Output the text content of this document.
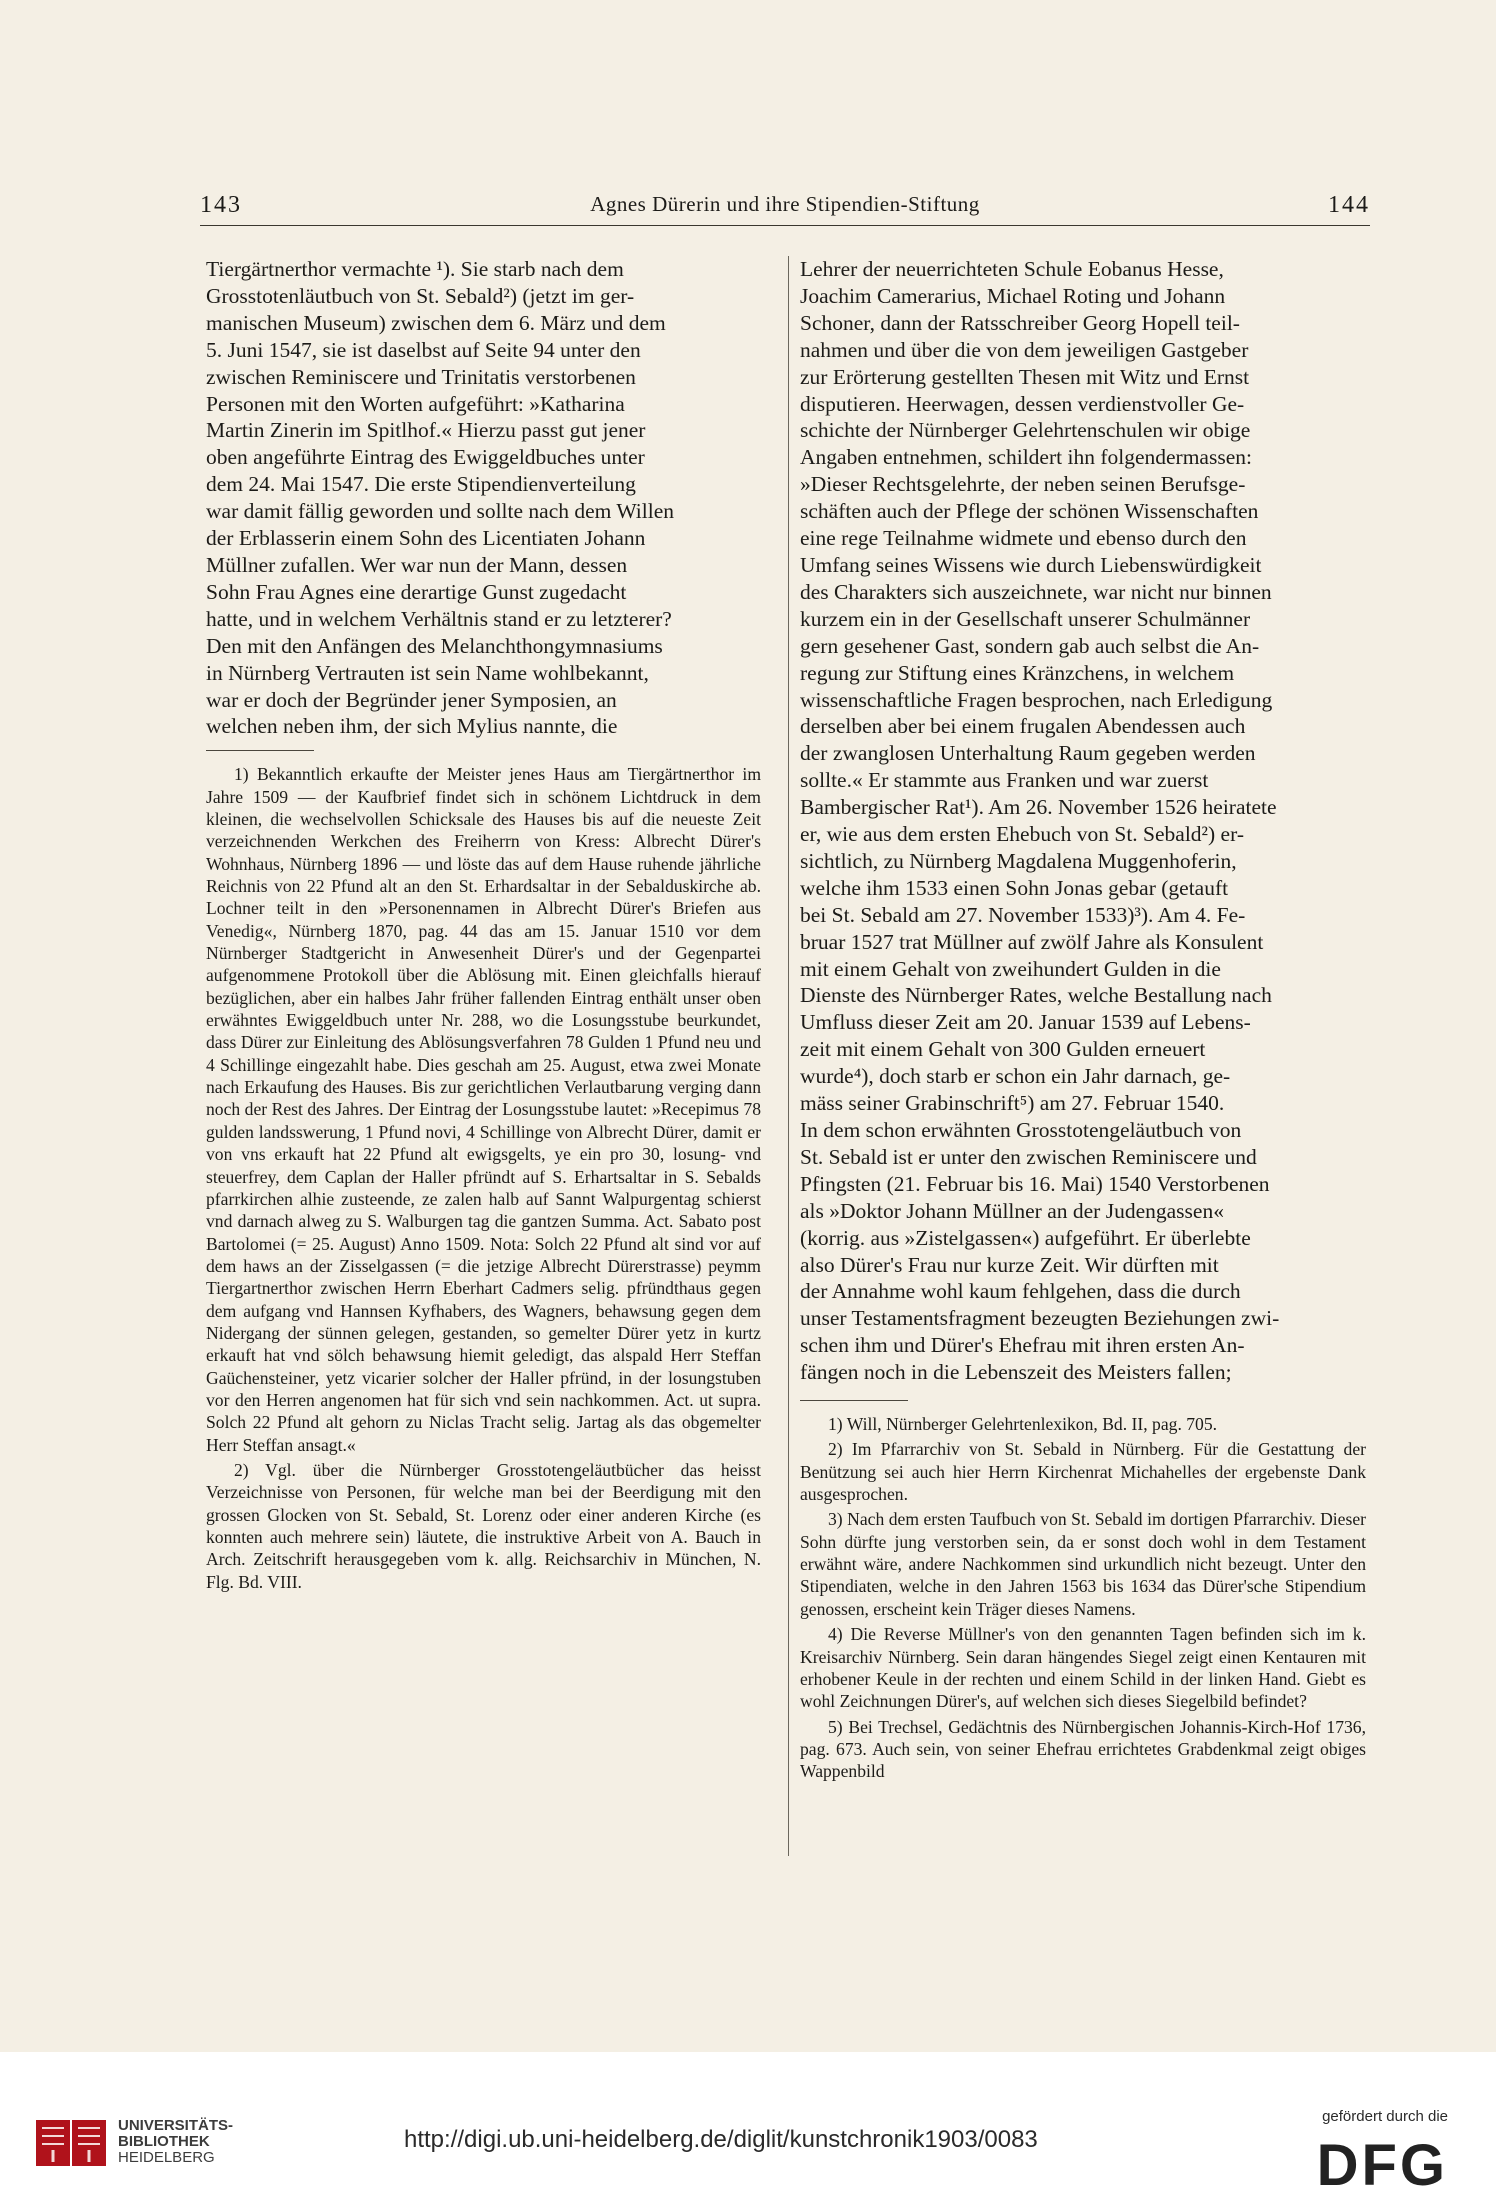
143	Agnes Dürerin und ihre Stipendien-Stiftung	144
Tiergärtnerthor vermachte ¹). Sie starb nach dem
Grosstotenläutbuch von St. Sebald²) (jetzt im ger-
manischen Museum) zwischen dem 6. März und dem
5. Juni 1547, sie ist daselbst auf Seite 94 unter den
zwischen Reminiscere und Trinitatis verstorbenen
Personen mit den Worten aufgeführt: »Katharina
Martin Zinerin im Spitlhof.« Hierzu passt gut jener
oben angeführte Eintrag des Ewiggeldbuches unter
dem 24. Mai 1547. Die erste Stipendienverteilung
war damit fällig geworden und sollte nach dem Willen
der Erblasserin einem Sohn des Licentiaten Johann
Müllner zufallen. Wer war nun der Mann, dessen
Sohn Frau Agnes eine derartige Gunst zugedacht
hatte, und in welchem Verhältnis stand er zu letzterer?
Den mit den Anfängen des Melanchthongymnasiums
in Nürnberg Vertrauten ist sein Name wohlbekannt,
war er doch der Begründer jener Symposien, an
welchen neben ihm, der sich Mylius nannte, die

1) Bekanntlich erkaufte der Meister jenes Haus am Tiergärtnerthor im Jahre 1509 — der Kaufbrief findet sich in schönem Lichtdruck in dem kleinen, die wechselvollen Schicksale des Hauses bis auf die neueste Zeit verzeichnenden Werkchen des Freiherrn von Kress: Albrecht Dürer's Wohnhaus, Nürnberg 1896 — und löste das auf dem Hause ruhende jährliche Reichnis von 22 Pfund alt an den St. Erhardsaltar in der Sebalduskirche ab. Lochner teilt in den »Personennamen in Albrecht Dürer's Briefen aus Venedig«, Nürnberg 1870, pag. 44 das am 15. Januar 1510 vor dem Nürnberger Stadtgericht in Anwesenheit Dürer's und der Gegenpartei aufgenommene Protokoll über die Ablösung mit. Einen gleichfalls hierauf bezüglichen, aber ein halbes Jahr früher fallenden Eintrag enthält unser oben erwähntes Ewiggeldbuch unter Nr. 288, wo die Losungsstube beurkundet, dass Dürer zur Einleitung des Ablösungsverfahren 78 Gulden 1 Pfund neu und 4 Schillinge eingezahlt habe. Dies geschah am 25. August, etwa zwei Monate nach Erkaufung des Hauses. Bis zur gerichtlichen Verlautbarung verging dann noch der Rest des Jahres. Der Eintrag der Losungsstube lautet: »Recepimus 78 gulden landsswerung, 1 Pfund novi, 4 Schillinge von Albrecht Dürer, damit er von vns erkauft hat 22 Pfund alt ewigsgelts, ye ein pro 30, losung- vnd steuerfrey, dem Caplan der Haller pfründt auf S. Erhartsaltar in S. Sebalds pfarrkirchen alhie zusteende, ze zalen halb auf Sannt Walpurgentag schierst vnd darnach alweg zu S. Walburgen tag die gantzen Summa. Act. Sabato post Bartolomei (= 25. August) Anno 1509. Nota: Solch 22 Pfund alt sind vor auf dem haws an der Zisselgassen (= die jetzige Albrecht Dürerstrasse) peymm Tiergartnerthor zwischen Herrn Eberhart Cadmers selig. pfründthaus gegen dem aufgang vnd Hannsen Kyfhabers, des Wagners, behawsung gegen dem Nidergang der sünnen gelegen, gestanden, so gemelter Dürer yetz in kurtz erkauft hat vnd sölch behawsung hiemit geledigt, das alspald Herr Steffan Gaüchensteiner, yetz vicarier solcher der Haller pfründ, in der losungstuben vor den Herren angenomen hat für sich vnd sein nachkommen. Act. ut supra. Solch 22 Pfund alt gehorn zu Niclas Tracht selig. Jartag als das obgemelter Herr Steffan ansagt.«

2) Vgl. über die Nürnberger Grosstotengeläutbücher das heisst Verzeichnisse von Personen, für welche man bei der Beerdigung mit den grossen Glocken von St. Sebald, St. Lorenz oder einer anderen Kirche (es konnten auch mehrere sein) läutete, die instruktive Arbeit von A. Bauch in Arch. Zeitschrift herausgegeben vom k. allg. Reichsarchiv in München, N. Flg. Bd. VIII.

Lehrer der neuerrichteten Schule Eobanus Hesse,
Joachim Camerarius, Michael Roting und Johann
Schoner, dann der Ratsschreiber Georg Hopell teil-
nahmen und über die von dem jeweiligen Gastgeber
zur Erörterung gestellten Thesen mit Witz und Ernst
disputieren. Heerwagen, dessen verdienstvoller Ge-
schichte der Nürnberger Gelehrtenschulen wir obige
Angaben entnehmen, schildert ihn folgendermassen:
»Dieser Rechtsgelehrte, der neben seinen Berufsge-
schäften auch der Pflege der schönen Wissenschaften
eine rege Teilnahme widmete und ebenso durch den
Umfang seines Wissens wie durch Liebenswürdigkeit
des Charakters sich auszeichnete, war nicht nur binnen
kurzem ein in der Gesellschaft unserer Schulmänner
gern gesehener Gast, sondern gab auch selbst die An-
regung zur Stiftung eines Kränzchens, in welchem
wissenschaftliche Fragen besprochen, nach Erledigung
derselben aber bei einem frugalen Abendessen auch
der zwanglosen Unterhaltung Raum gegeben werden
sollte.« Er stammte aus Franken und war zuerst
Bambergischer Rat¹). Am 26. November 1526 heiratete
er, wie aus dem ersten Ehebuch von St. Sebald²) er-
sichtlich, zu Nürnberg Magdalena Muggenhoferin,
welche ihm 1533 einen Sohn Jonas gebar (getauft
bei St. Sebald am 27. November 1533)³). Am 4. Fe-
bruar 1527 trat Müllner auf zwölf Jahre als Konsulent
mit einem Gehalt von zweihundert Gulden in die
Dienste des Nürnberger Rates, welche Bestallung nach
Umfluss dieser Zeit am 20. Januar 1539 auf Lebens-
zeit mit einem Gehalt von 300 Gulden erneuert
wurde⁴), doch starb er schon ein Jahr darnach, ge-
mäss seiner Grabinschrift⁵) am 27. Februar 1540.
In dem schon erwähnten Grosstotengeläutbuch von
St. Sebald ist er unter den zwischen Reminiscere und
Pfingsten (21. Februar bis 16. Mai) 1540 Verstorbenen
als »Doktor Johann Müllner an der Judengassen«
(korrig. aus »Zistelgassen«) aufgeführt. Er überlebte
also Dürer's Frau nur kurze Zeit. Wir dürften mit
der Annahme wohl kaum fehlgehen, dass die durch
unser Testamentsfragment bezeugten Beziehungen zwi-
schen ihm und Dürer's Ehefrau mit ihren ersten An-
fängen noch in die Lebenszeit des Meisters fallen;

1) Will, Nürnberger Gelehrtenlexikon, Bd. II, pag. 705.

2) Im Pfarrarchiv von St. Sebald in Nürnberg. Für die Gestattung der Benützung sei auch hier Herrn Kirchenrat Michahelles der ergebenste Dank ausgesprochen.

3) Nach dem ersten Taufbuch von St. Sebald im dortigen Pfarrarchiv. Dieser Sohn dürfte jung verstorben sein, da er sonst doch wohl in dem Testament erwähnt wäre, andere Nachkommen sind urkundlich nicht bezeugt. Unter den Stipendiaten, welche in den Jahren 1563 bis 1634 das Dürer'sche Stipendium genossen, erscheint kein Träger dieses Namens.

4) Die Reverse Müllner's von den genannten Tagen befinden sich im k. Kreisarchiv Nürnberg. Sein daran hängendes Siegel zeigt einen Kentauren mit erhobener Keule in der rechten und einem Schild in der linken Hand. Giebt es wohl Zeichnungen Dürer's, auf welchen sich dieses Siegelbild befindet?

5) Bei Trechsel, Gedächtnis des Nürnbergischen Johannis-Kirch-Hof 1736, pag. 673. Auch sein, von seiner Ehefrau errichtetes Grabdenkmal zeigt obiges Wappenbild

UNIVERSITÄTS-
BIBLIOTHEK
HEIDELBERG
http://digi.ub.uni-heidelberg.de/diglit/kunstchronik1903/0083
gefördert durch die
DFG
